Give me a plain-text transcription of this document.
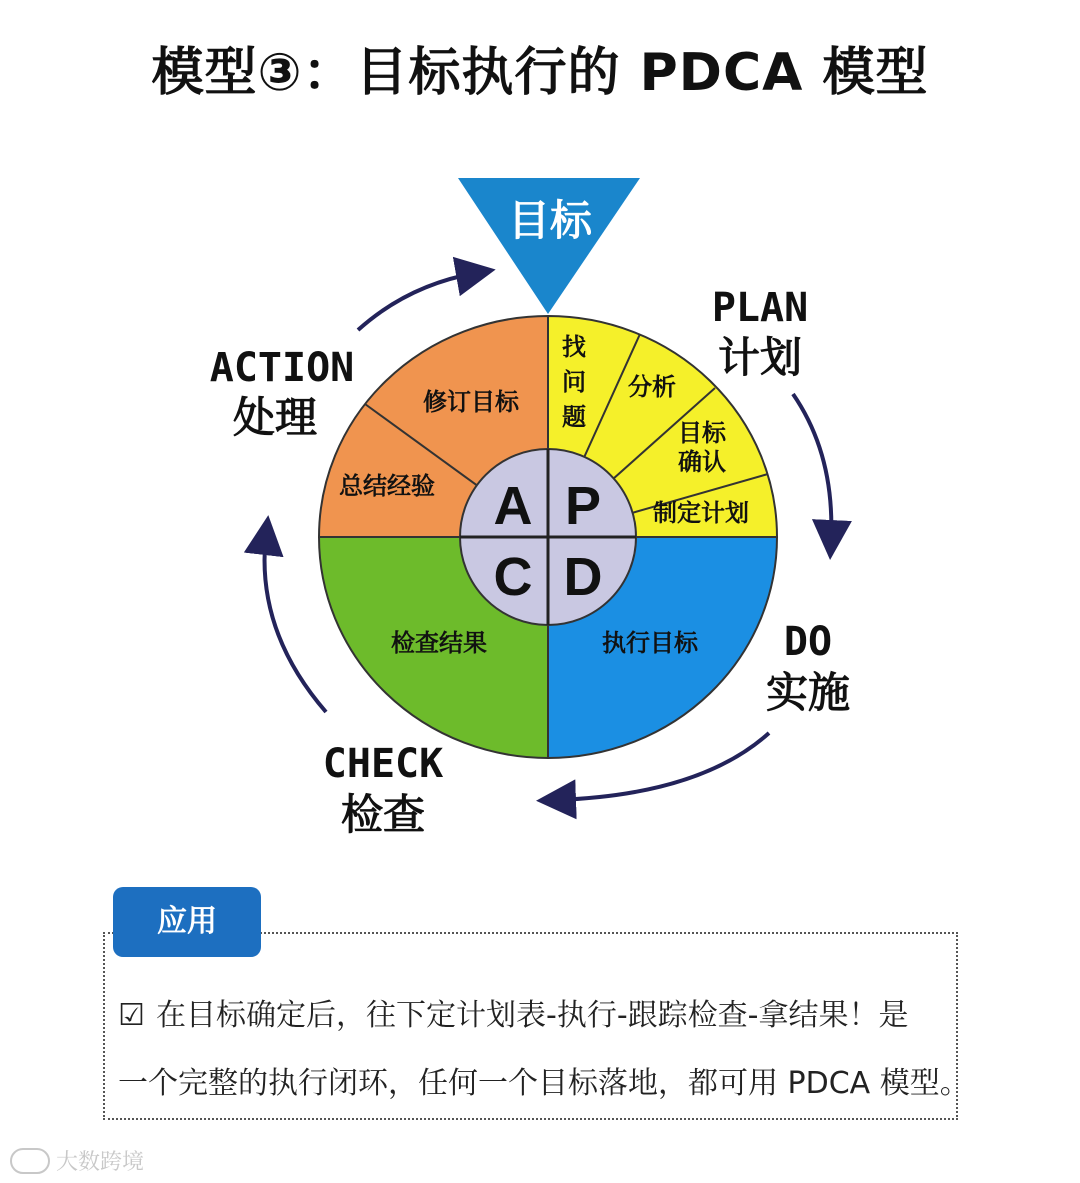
模型③：目标执行的 PDCA 模型
A P
C D
目标
找 问 题
分析
目标 确认
制定计划
修订目标
总结经验
执行目标
检查结果
PLAN
计划
DO
实施
CHECK
检查
ACTION
处理
应用
☑ 在目标确定后，往下定计划表-执行-跟踪检查-拿结果！是
一个完整的执行闭环，任何一个目标落地，都可用 PDCA 模型。
大数跨境
